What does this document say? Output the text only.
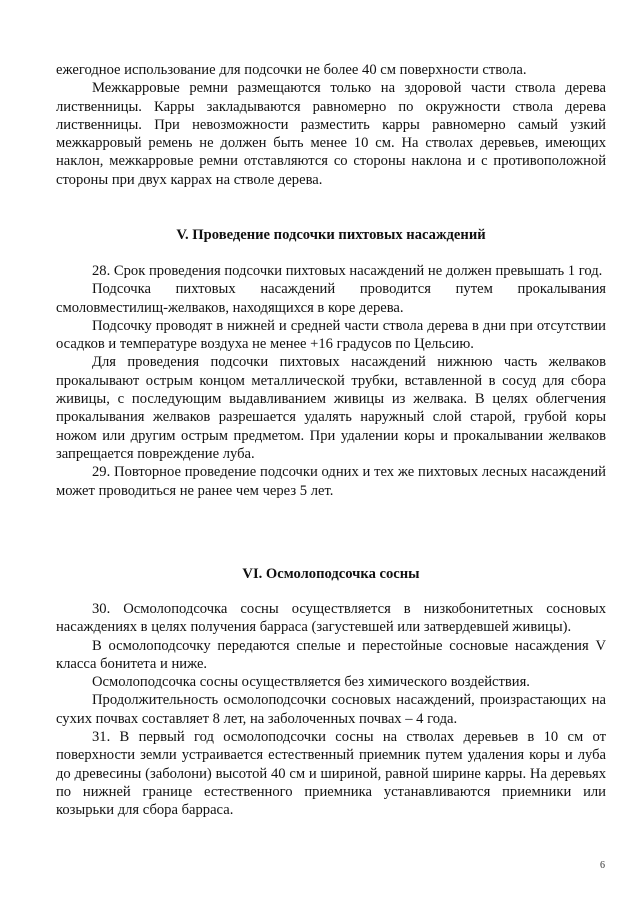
ежегодное использование для подсочки не более 40 см поверхности ствола.

Межкарровые ремни размещаются только на здоровой части ствола дерева лиственницы. Карры закладываются равномерно по окружности ствола дерева лиственницы. При невозможности разместить карры равномерно самый узкий межкарровый ремень не должен быть менее 10 см. На стволах деревьев, имеющих наклон, межкарровые ремни отставляются со стороны наклона и с противоположной стороны при двух каррах на стволе дерева.

V. Проведение подсочки пихтовых насаждений

28. Срок проведения подсочки пихтовых насаждений не должен превышать 1 год.

Подсочка пихтовых насаждений проводится путем прокалывания смоловместилищ-желваков, находящихся в коре дерева.

Подсочку проводят в нижней и средней части ствола дерева в дни при отсутствии осадков и температуре воздуха не менее +16 градусов по Цельсию.

Для проведения подсочки пихтовых насаждений нижнюю часть желваков прокалывают острым концом металлической трубки, вставленной в сосуд для сбора живицы, с последующим выдавливанием живицы из желвака. В целях облегчения прокалывания желваков разрешается удалять наружный слой старой, грубой коры ножом или другим острым предметом. При удалении коры и прокалывании желваков запрещается повреждение луба.

29. Повторное проведение подсочки одних и тех же пихтовых лесных насаждений может проводиться не ранее чем через 5 лет.

VI. Осмолоподсочка сосны

30. Осмолоподсочка сосны осуществляется в низкобонитетных сосновых насаждениях в целях получения барраса (загустевшей или затвердевшей живицы).

В осмолоподсочку передаются спелые и перестойные сосновые насаждения V класса бонитета и ниже.

Осмолоподсочка сосны осуществляется без химического воздействия.

Продолжительность осмолоподсочки сосновых насаждений, произрастающих на сухих почвах составляет 8 лет, на заболоченных почвах – 4 года.

31. В первый год осмолоподсочки сосны на стволах деревьев в 10 см от поверхности земли устраивается естественный приемник путем удаления коры и луба до древесины (заболони) высотой 40 см и шириной, равной ширине карры. На деревьях по нижней границе естественного приемника устанавливаются приемники или козырьки для сбора барраса.

6
